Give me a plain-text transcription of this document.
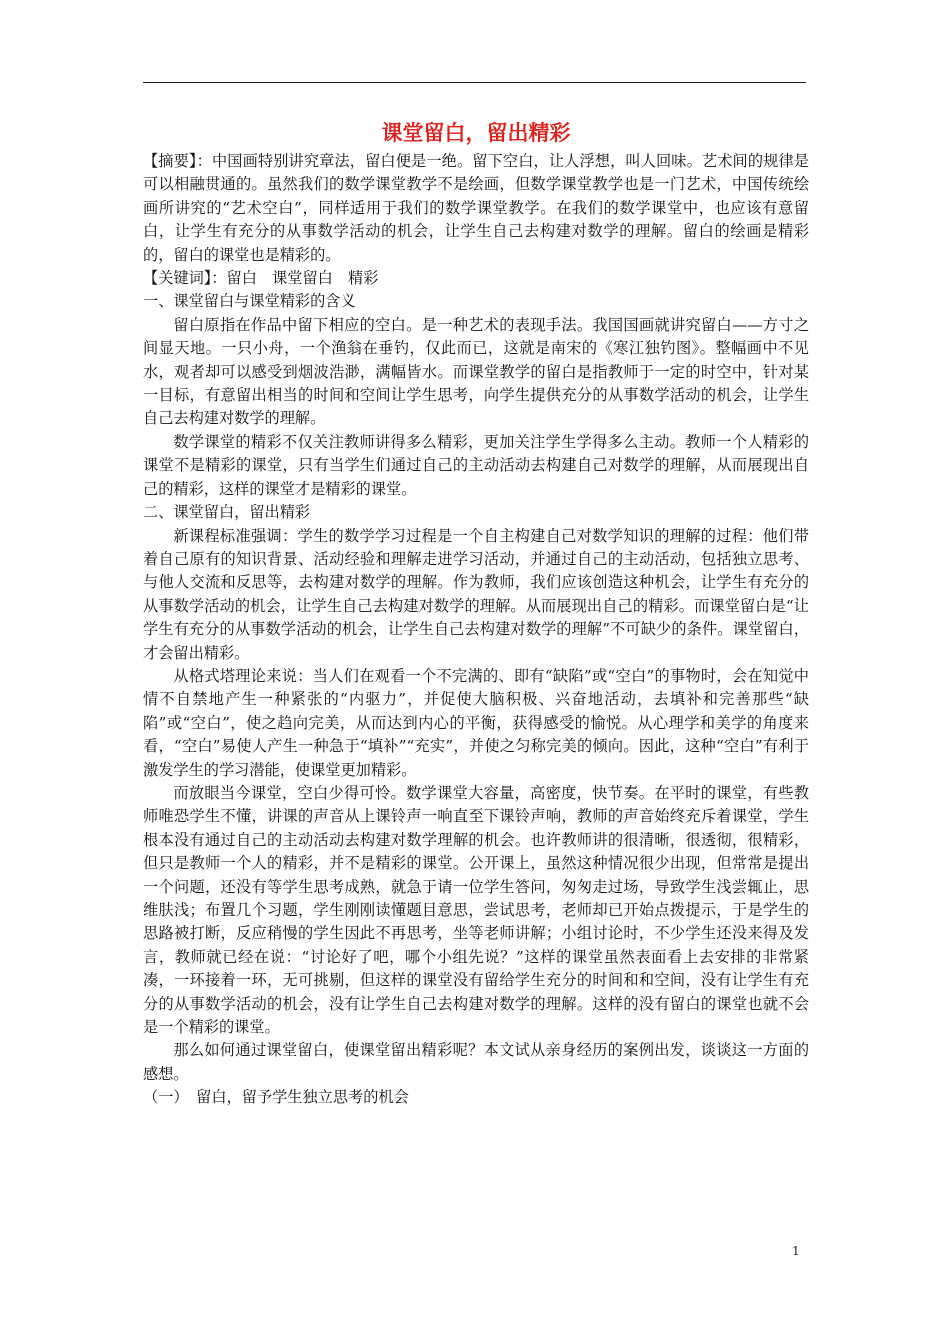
课堂留白，留出精彩

【摘要】：中国画特别讲究章法，留白便是一绝。留下空白，让人浮想，叫人回味。艺术间的规律是可以相融贯通的。虽然我们的数学课堂教学不是绘画，但数学课堂教学也是一门艺术，中国传统绘画所讲究的“艺术空白”，同样适用于我们的数学课堂教学。在我们的数学课堂中，也应该有意留白，让学生有充分的从事数学活动的机会，让学生自己去构建对数学的理解。留白的绘画是精彩的，留白的课堂也是精彩的。

【关键词】：留白　课堂留白　精彩

一、课堂留白与课堂精彩的含义

留白原指在作品中留下相应的空白。是一种艺术的表现手法。我国国画就讲究留白——方寸之间显天地。一只小舟，一个渔翁在垂钓，仅此而已，这就是南宋的《寒江独钓图》。整幅画中不见水，观者却可以感受到烟波浩渺，满幅皆水。而课堂教学的留白是指教师于一定的时空中，针对某一目标，有意留出相当的时间和空间让学生思考，向学生提供充分的从事数学活动的机会，让学生自己去构建对数学的理解。

数学课堂的精彩不仅关注教师讲得多么精彩，更加关注学生学得多么主动。教师一个人精彩的课堂不是精彩的课堂，只有当学生们通过自己的主动活动去构建自己对数学的理解，从而展现出自己的精彩，这样的课堂才是精彩的课堂。

二、课堂留白，留出精彩

新课程标准强调：学生的数学学习过程是一个自主构建自己对数学知识的理解的过程：他们带着自己原有的知识背景、活动经验和理解走进学习活动，并通过自己的主动活动，包括独立思考、与他人交流和反思等，去构建对数学的理解。作为教师，我们应该创造这种机会，让学生有充分的从事数学活动的机会，让学生自己去构建对数学的理解。从而展现出自己的精彩。而课堂留白是“让学生有充分的从事数学活动的机会，让学生自己去构建对数学的理解”不可缺少的条件。课堂留白，才会留出精彩。

从格式塔理论来说：当人们在观看一个不完满的、即有“缺陷”或“空白”的事物时，会在知觉中情不自禁地产生一种紧张的“内驱力”，并促使大脑积极、兴奋地活动，去填补和完善那些“缺陷”或“空白”，使之趋向完美，从而达到内心的平衡，获得感受的愉悦。从心理学和美学的角度来看，“空白”易使人产生一种急于“填补”“充实”，并使之匀称完美的倾向。因此，这种“空白”有利于激发学生的学习潜能，使课堂更加精彩。

而放眼当今课堂，空白少得可怜。数学课堂大容量，高密度，快节奏。在平时的课堂，有些教师唯恐学生不懂，讲课的声音从上课铃声一响直至下课铃声响，教师的声音始终充斥着课堂，学生根本没有通过自己的主动活动去构建对数学理解的机会。也许教师讲的很清晰，很透彻，很精彩，但只是教师一个人的精彩，并不是精彩的课堂。公开课上，虽然这种情况很少出现，但常常是提出一个问题，还没有等学生思考成熟，就急于请一位学生答问，匆匆走过场，导致学生浅尝辄止，思维肤浅；布置几个习题，学生刚刚读懂题目意思，尝试思考，老师却已开始点拨提示，于是学生的思路被打断，反应稍慢的学生因此不再思考，坐等老师讲解；小组讨论时，不少学生还没来得及发言，教师就已经在说：“讨论好了吧，哪个小组先说？”这样的课堂虽然表面看上去安排的非常紧凑，一环接着一环，无可挑剔，但这样的课堂没有留给学生充分的时间和和空间，没有让学生有充分的从事数学活动的机会，没有让学生自己去构建对数学的理解。这样的没有留白的课堂也就不会是一个精彩的课堂。

那么如何通过课堂留白，使课堂留出精彩呢？本文试从亲身经历的案例出发，谈谈这一方面的感想。

（一）　留白，留予学生独立思考的机会

1
